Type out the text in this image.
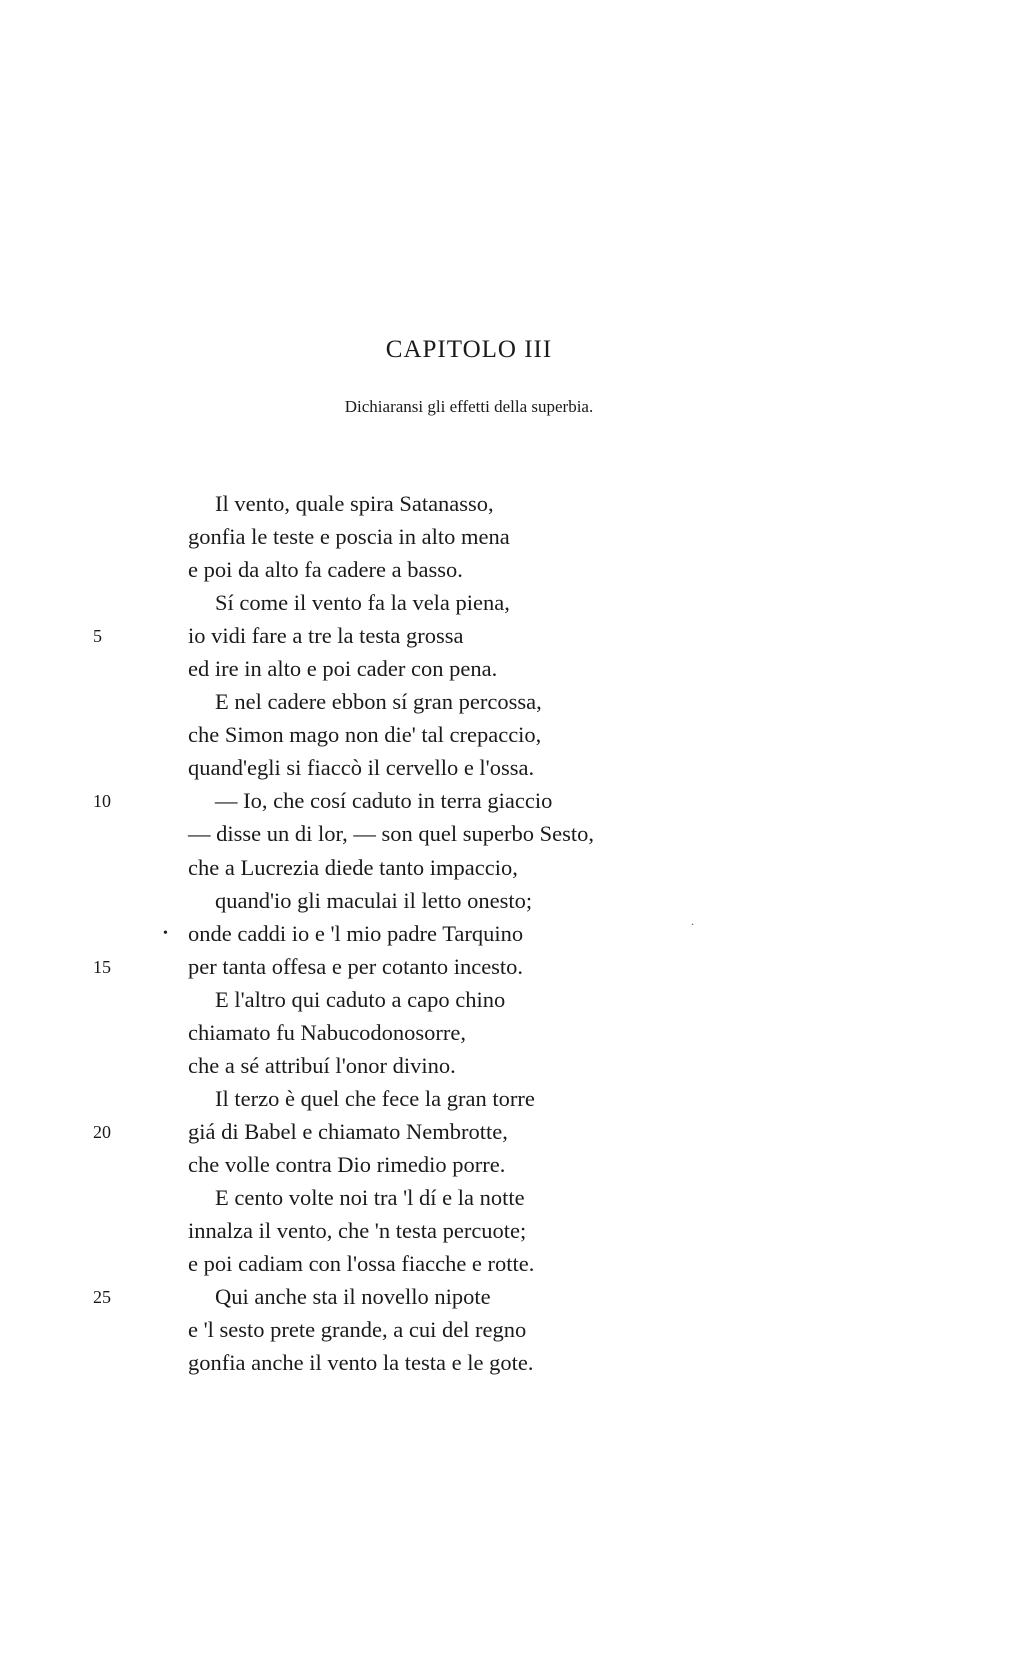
CAPITOLO III
Dichiaransi gli effetti della superbia.
Il vento, quale spira Satanasso,
gonfia le teste e poscia in alto mena
e poi da alto fa cadere a basso.
Sí come il vento fa la vela piena,
5	io vidi fare a tre la testa grossa
ed ire in alto e poi cader con pena.
E nel cadere ebbon sí gran percossa,
che Simon mago non die' tal crepaccio,
quand'egli si fiaccò il cervello e l'ossa.
10	— Io, che cosí caduto in terra giaccio
— disse un di lor, — son quel superbo Sesto,
che a Lucrezia diede tanto impaccio,
quand'io gli maculai il letto onesto;
• onde caddi io e 'l mio padre Tarquino
15	per tanta offesa e per cotanto incesto.
E l'altro qui caduto a capo chino
chiamato fu Nabucodonosorre,
che a sé attribuí l'onor divino.
Il terzo è quel che fece la gran torre
20	giá di Babel e chiamato Nembrotte,
che volle contra Dio rimedio porre.
E cento volte noi tra 'l dí e la notte
innalza il vento, che 'n testa percuote;
e poi cadiam con l'ossa fiacche e rotte.
25	Qui anche sta il novello nipote
e 'l sesto prete grande, a cui del regno
gonfia anche il vento la testa e le gote.
·
